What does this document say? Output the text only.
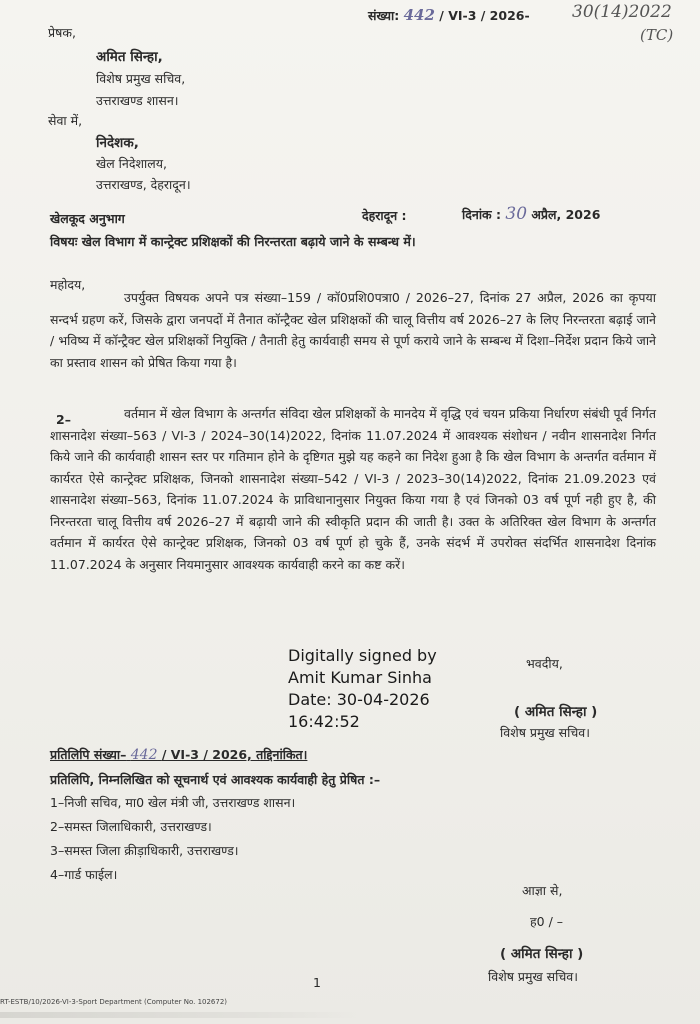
संख्या: 442 / VI-3 / 2026- 30(14)2022
(TC)
प्रेषक,
अमित सिन्हा,
विशेष प्रमुख सचिव,
उत्तराखण्ड शासन।
सेवा में,
निदेशक,
खेल निदेशालय,
उत्तराखण्ड, देहरादून।
खेलकूद अनुभाग	देहरादून :	दिनांक : 30 अप्रैल, 2026
विषयः खेल विभाग में कान्ट्रेक्ट प्रशिक्षकों की निरन्तरता बढ़ाये जाने के सम्बन्ध में।
महोदय,
उपर्युक्त विषयक अपने पत्र संख्या–159 / कॉ0प्रशि0पत्रा0 / 2026–27, दिनांक 27 अप्रैल, 2026 का कृपया सन्दर्भ ग्रहण करें, जिसके द्वारा जनपदों में तैनात कॉन्ट्रैक्ट खेल प्रशिक्षकों की चालू वित्तीय वर्ष 2026–27 के लिए निरन्तरता बढ़ाई जाने / भविष्य में कॉन्ट्रैक्ट खेल प्रशिक्षकों नियुक्ति / तैनाती हेतु कार्यवाही समय से पूर्ण कराये जाने के सम्बन्ध में दिशा–निर्देश प्रदान किये जाने का प्रस्ताव शासन को प्रेषित किया गया है।
2–	वर्तमान में खेल विभाग के अन्तर्गत संविदा खेल प्रशिक्षकों के मानदेय में वृद्धि एवं चयन प्रकिया निर्धारण संबंधी पूर्व निर्गत शासनादेश संख्या–563 / VI-3 / 2024–30(14)2022, दिनांक 11.07.2024 में आवश्यक संशोधन / नवीन शासनादेश निर्गत किये जाने की कार्यवाही शासन स्तर पर गतिमान होने के दृष्टिगत मुझे यह कहने का निदेश हुआ है कि खेल विभाग के अन्तर्गत वर्तमान में कार्यरत ऐसे कान्ट्रेक्ट प्रशिक्षक, जिनको शासनादेश संख्या–542 / VI-3 / 2023–30(14)2022, दिनांक 21.09.2023 एवं शासनादेश संख्या–563, दिनांक 11.07.2024 के प्राविधानानुसार नियुक्त किया गया है एवं जिनको 03 वर्ष पूर्ण नही हुए है, की निरन्तरता चालू वित्तीय वर्ष 2026–27 में बढ़ायी जाने की स्वीकृति प्रदान की जाती है। उक्त के अतिरिक्त खेल विभाग के अन्तर्गत वर्तमान में कार्यरत ऐसे कान्ट्रेक्ट प्रशिक्षक, जिनको 03 वर्ष पूर्ण हो चुके हैं, उनके संदर्भ में उपरोक्त संदर्भित शासनादेश दिनांक 11.07.2024 के अनुसार नियमानुसार आवश्यक कार्यवाही करने का कष्ट करें।
Digitally signed by
Amit Kumar Sinha
Date: 30-04-2026
16:42:52
भवदीय,
( अमित सिन्हा )
विशेष प्रमुख सचिव।
प्रतिलिपि संख्या– 442 / VI-3 / 2026, तद्दिनांकित।
प्रतिलिपि, निम्नलिखित को सूचनार्थ एवं आवश्यक कार्यवाही हेतु प्रेषित :–
1–निजी सचिव, मा0 खेल मंत्री जी, उत्तराखण्ड शासन।
2–समस्त जिलाधिकारी, उत्तराखण्ड।
3–समस्त जिला क्रीड़ाधिकारी, उत्तराखण्ड।
4–गार्ड फाईल।
आज्ञा से,
ह0 / –
( अमित सिन्हा )
विशेष प्रमुख सचिव।
1
RT-ESTB/10/2026-VI-3-Sport Department (Computer No. 102672)
